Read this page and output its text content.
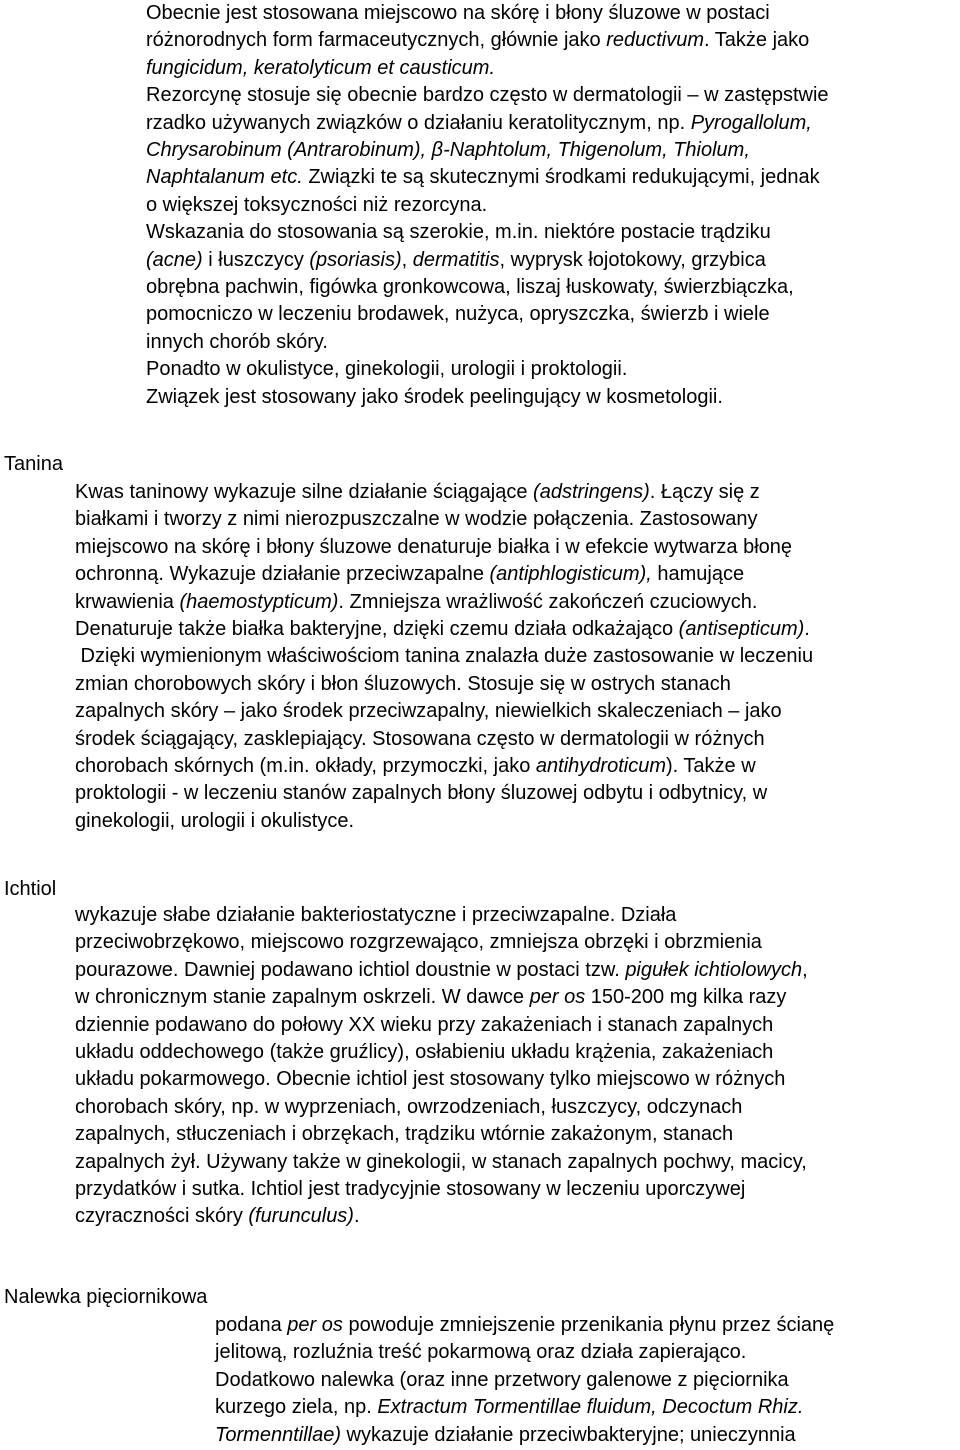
Obecnie jest stosowana miejscowo na skórę i błony śluzowe w postaci
różnorodnych form farmaceutycznych, głównie jako reductivum. Także jako
fungicidum, keratolyticum et causticum.
Rezorcynę stosuje się obecnie bardzo często w dermatologii – w zastępstwie
rzadko używanych związków o działaniu keratolitycznym, np. Pyrogallolum,
Chrysarobinum (Antrarobinum), β-Naphtolum, Thigenolum, Thiolum,
Naphtalanum etc. Związki te są skutecznymi środkami redukującymi, jednak
o większej toksyczności niż rezorcyna.
Wskazania do stosowania są szerokie, m.in. niektóre postacie trądziku
(acne) i łuszczycy (psoriasis), dermatitis, wyprysk łojotokowy, grzybica
obrębna pachwin, figówka gronkowcowa, liszaj łuskowaty, świerzbiączka,
pomocniczo w leczeniu brodawek, nużyca, opryszczka, świerzb i wiele
innych chorób skóry.
Ponadto w okulistyce, ginekologii, urologii i proktologii.
Związek jest stosowany jako środek peelingujący w kosmetologii.

Tanina

Kwas taninowy wykazuje silne działanie ściągające (adstringens). Łączy się z
białkami i tworzy z nimi nierozpuszczalne w wodzie połączenia. Zastosowany
miejscowo na skórę i błony śluzowe denaturuje białka i w efekcie wytwarza błonę
ochronną. Wykazuje działanie przeciwzapalne (antiphlogisticum), hamujące
krwawienia (haemostypticum). Zmniejsza wrażliwość zakończeń czuciowych.
Denaturuje także białka bakteryjne, dzięki czemu działa odkażająco (antisepticum).
Dzięki wymienionym właściwościom tanina znalazła duże zastosowanie w leczeniu
zmian chorobowych skóry i błon śluzowych. Stosuje się w ostrych stanach
zapalnych skóry – jako środek przeciwzapalny, niewielkich skaleczeniach – jako
środek ściągający, zasklepiający. Stosowana często w dermatologii w różnych
chorobach skórnych (m.in. okłady, przymoczki, jako antihydroticum). Także w
proktologii - w leczeniu stanów zapalnych błony śluzowej odbytu i odbytnicy, w
ginekologii, urologii i okulistyce.

Ichtiol

wykazuje słabe działanie bakteriostatyczne i przeciwzapalne. Działa
przeciwobrzękowo, miejscowo rozgrzewająco, zmniejsza obrzęki i obrzmienia
pourazowe. Dawniej podawano ichtiol doustnie w postaci tzw. pigułek ichtiolowych,
w chronicznym stanie zapalnym oskrzeli. W dawce per os 150-200 mg kilka razy
dziennie podawano do połowy XX wieku przy zakażeniach i stanach zapalnych
układu oddechowego (także gruźlicy), osłabieniu układu krążenia, zakażeniach
układu pokarmowego. Obecnie ichtiol jest stosowany tylko miejscowo w różnych
chorobach skóry, np. w wyprzeniach, owrzodzeniach, łuszczycy, odczynach
zapalnych, stłuczeniach i obrzękach, trądziku wtórnie zakażonym, stanach
zapalnych żył. Używany także w ginekologii, w stanach zapalnych pochwy, macicy,
przydatków i sutka. Ichtiol jest tradycyjnie stosowany w leczeniu uporczywej
czyraczności skóry (furunculus).

Nalewka pięciornikowa

podana per os powoduje zmniejszenie przenikania płynu przez ścianę
jelitową, rozluźnia treść pokarmową oraz działa zapierająco.
Dodatkowo nalewka (oraz inne przetwory galenowe z pięciornika
kurzego ziela, np. Extractum Tormentillae fluidum, Decoctum Rhiz.
Tormenntillae) wykazuje działanie przeciwbakteryjne; unieczynnia
